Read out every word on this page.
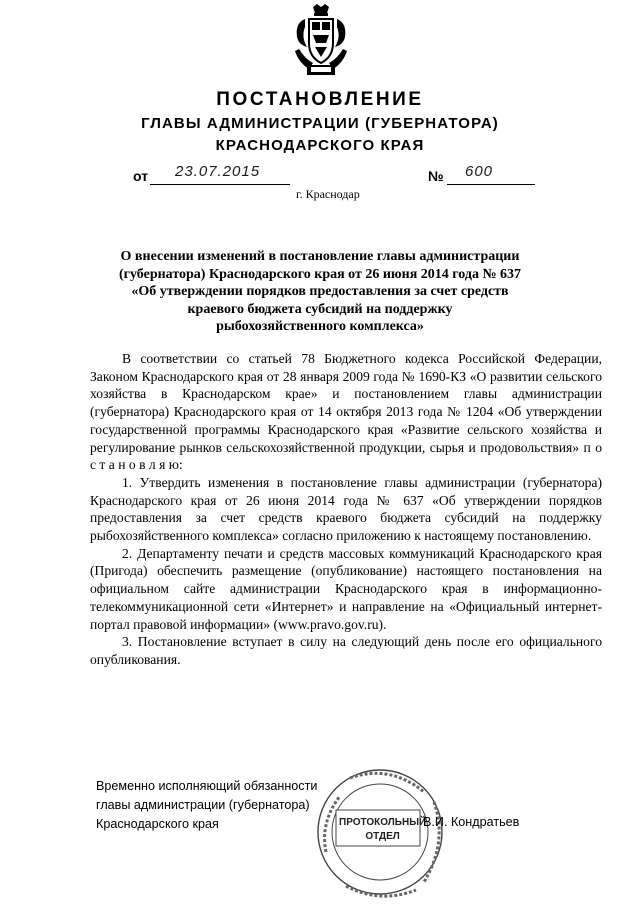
ПОСТАНОВЛЕНИЕ
ГЛАВЫ АДМИНИСТРАЦИИ (ГУБЕРНАТОРА)
КРАСНОДАРСКОГО КРАЯ
от 23.07.2015	№ 600
г. Краснодар
О внесении изменений в постановление главы администрации
(губернатора) Краснодарского края от 26 июня 2014 года № 637
«Об утверждении порядков предоставления за счет средств
краевого бюджета субсидий на поддержку
рыбохозяйственного комплекса»

В соответствии со статьей 78 Бюджетного кодекса Российской Федерации, Законом Краснодарского края от 28 января 2009 года № 1690-КЗ «О развитии сельского хозяйства в Краснодарском крае» и постановлением главы администрации (губернатора) Краснодарского края от 14 октября 2013 года № 1204 «Об утверждении государственной программы Краснодарского края «Развитие сельского хозяйства и регулирование рынков сельскохозяйственной продукции, сырья и продовольствия» п о с т а н о в л я ю:

1. Утвердить изменения в постановление главы администрации (губернатора) Краснодарского края от 26 июня 2014 года № 637 «Об утверждении порядков предоставления за счет средств краевого бюджета субсидий на поддержку рыбохозяйственного комплекса» согласно приложению к настоящему постановлению.

2. Департаменту печати и средств массовых коммуникаций Краснодарского края (Пригода) обеспечить размещение (опубликование) настоящего постановления на официальном сайте администрации Краснодарского края в информационно-телекоммуникационной сети «Интернет» и направление на «Официальный интернет-портал правовой информации» (www.pravo.gov.ru).

3. Постановление вступает в силу на следующий день после его официального опубликования.

Временно исполняющий обязанности
главы администрации (губернатора)
Краснодарского края	ПРОТОКОЛЬНЫЙ
ОТДЕЛ
В.И. Кондратьев
